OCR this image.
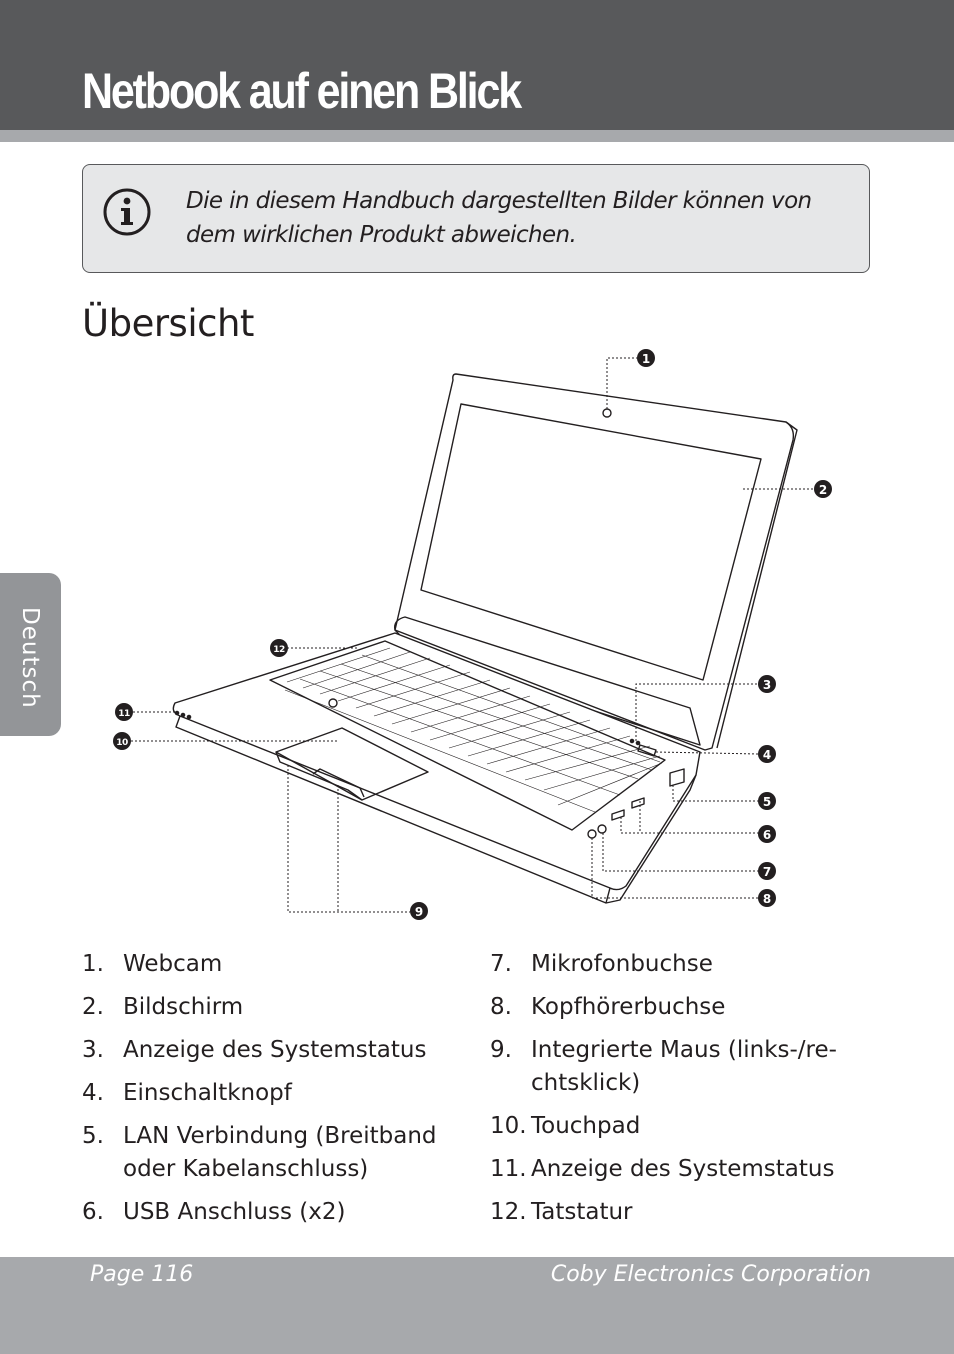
Netbook auf einen Blick
Deutsch
Die in diesem Handbuch dargestellten Bilder können von dem wirklichen Produkt abweichen.
Übersicht
1
2
3
4
5
6
7
8
9
10
11
12
1. Webcam
2. Bildschirm
3. Anzeige des Systemstatus
4. Einschaltknopf
5. LAN Verbindung (Breitband oder Kabelanschluss)
6. USB Anschluss (x2)
7. Mikrofonbuchse
8. Kopfhörerbuchse
9. Integrierte Maus (links-/re-chtsklick)
10. Touchpad
11. Anzeige des Systemstatus
12. Tatstatur
Page 116	Coby Electronics Corporation
